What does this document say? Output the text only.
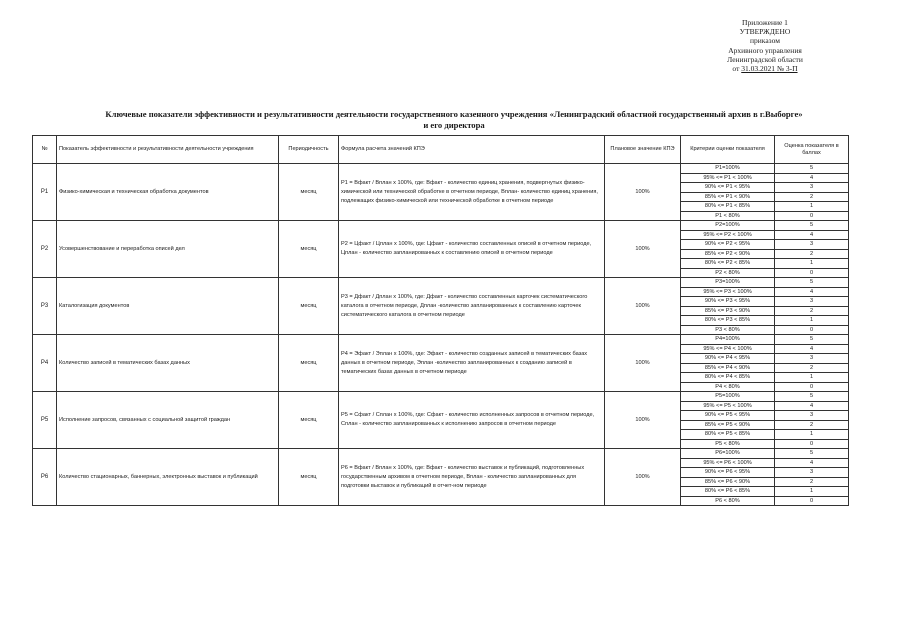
Приложение 1
УТВЕРЖДЕНО
приказом
Архивного управления
Ленинградской области
от 31.03.2021 № 3-П
Ключевые показатели эффективности и результативности деятельности государственного казенного учреждения «Ленинградский областной государственный архив в г.Выборге»
и его директора
№	Показатель эффективности и результативности деятельности учреждения	Периодичность	Формула расчета значений КПЭ	Плановое значение КПЭ	Критерии оценки показателя	Оценка показателя в баллах
Р1	Физико-химическая и техническая обработка документов	месяц	Р1 = Вфакт / Вплан х 100%, где: Вфакт - количество единиц хранения, подвергнутых физико-химической или технической обработке в отчетном периоде, Вплан- количество единиц хранения, подлежащих физико-химической или технической обработке в отчетном периоде	100%	Р1=100%	5
					95% <= Р1 < 100%	4
					90% <= Р1 < 95%	3
					85% <= Р1 < 90%	2
					80% <= Р1 < 85%	1
					Р1 < 80%	0
Р2	Усовершенствование и переработка описей дел	месяц	Р2 = Цфакт / Цплан х 100%, где: Цфакт - количество составленных описей в отчетном периоде, Цплан - количество запланированных к составлению описей в отчетном периоде	100%	Р2=100%	5
					95% <= Р2 < 100%	4
					90% <= Р2 < 95%	3
					85% <= Р2 < 90%	2
					80% <= Р2 < 85%	1
					Р2 < 80%	0
Р3	Каталогизация документов	месяц	Р3 = Дфакт / Дплан х 100%, где: Дфакт - количество составленных карточек систематического каталога в отчетном периоде, Дплан -количество запланированных к составлению карточек систематического каталога в отчетном периоде	100%	Р3=100%	5
					95% <= Р3 < 100%	4
					90% <= Р3 < 95%	3
					85% <= Р3 < 90%	2
					80% <= Р3 < 85%	1
					Р3 < 80%	0
Р4	Количество записей в тематических базах данных	месяц	Р4 = Эфакт / Эплан х 100%, где: Эфакт - количество созданных записей в тематических базах данных в отчетном периоде, Эплан -количество запланированных к созданию записей в тематических базах данных в отчетном периоде	100%	Р4=100%	5
					95% <= Р4 < 100%	4
					90% <= Р4 < 95%	3
					85% <= Р4 < 90%	2
					80% <= Р4 < 85%	1
					Р4 < 80%	0
Р5	Исполнение запросов, связанных с социальной защитой граждан	месяц	Р5 = Сфакт / Сплан х 100%, где: Сфакт - количество исполненных запросов в отчетном периоде, Сплан - количество запланированных к исполнению запросов в отчетном периоде	100%	Р5=100%	5
					95% <= Р5 < 100%	4
					90% <= Р5 < 95%	3
					85% <= Р5 < 90%	2
					80% <= Р5 < 85%	1
					Р5 < 80%	0
Р6	Количество стационарных, баннерных, электронных выставок и публикаций	месяц	Р6 = Вфакт / Вплан х 100%, где: Вфакт - количество выставок и публикаций, подготовленных государственным архивом в отчетном периоде, Вплан - количество запланированных для подготовки выставок и публикаций в отчет-ном периоде	100%	Р6=100%	5
					95% <= Р6 < 100%	4
					90% <= Р6 < 95%	3
					85% <= Р6 < 90%	2
					80% <= Р6 < 85%	1
					Р6 < 80%	0
